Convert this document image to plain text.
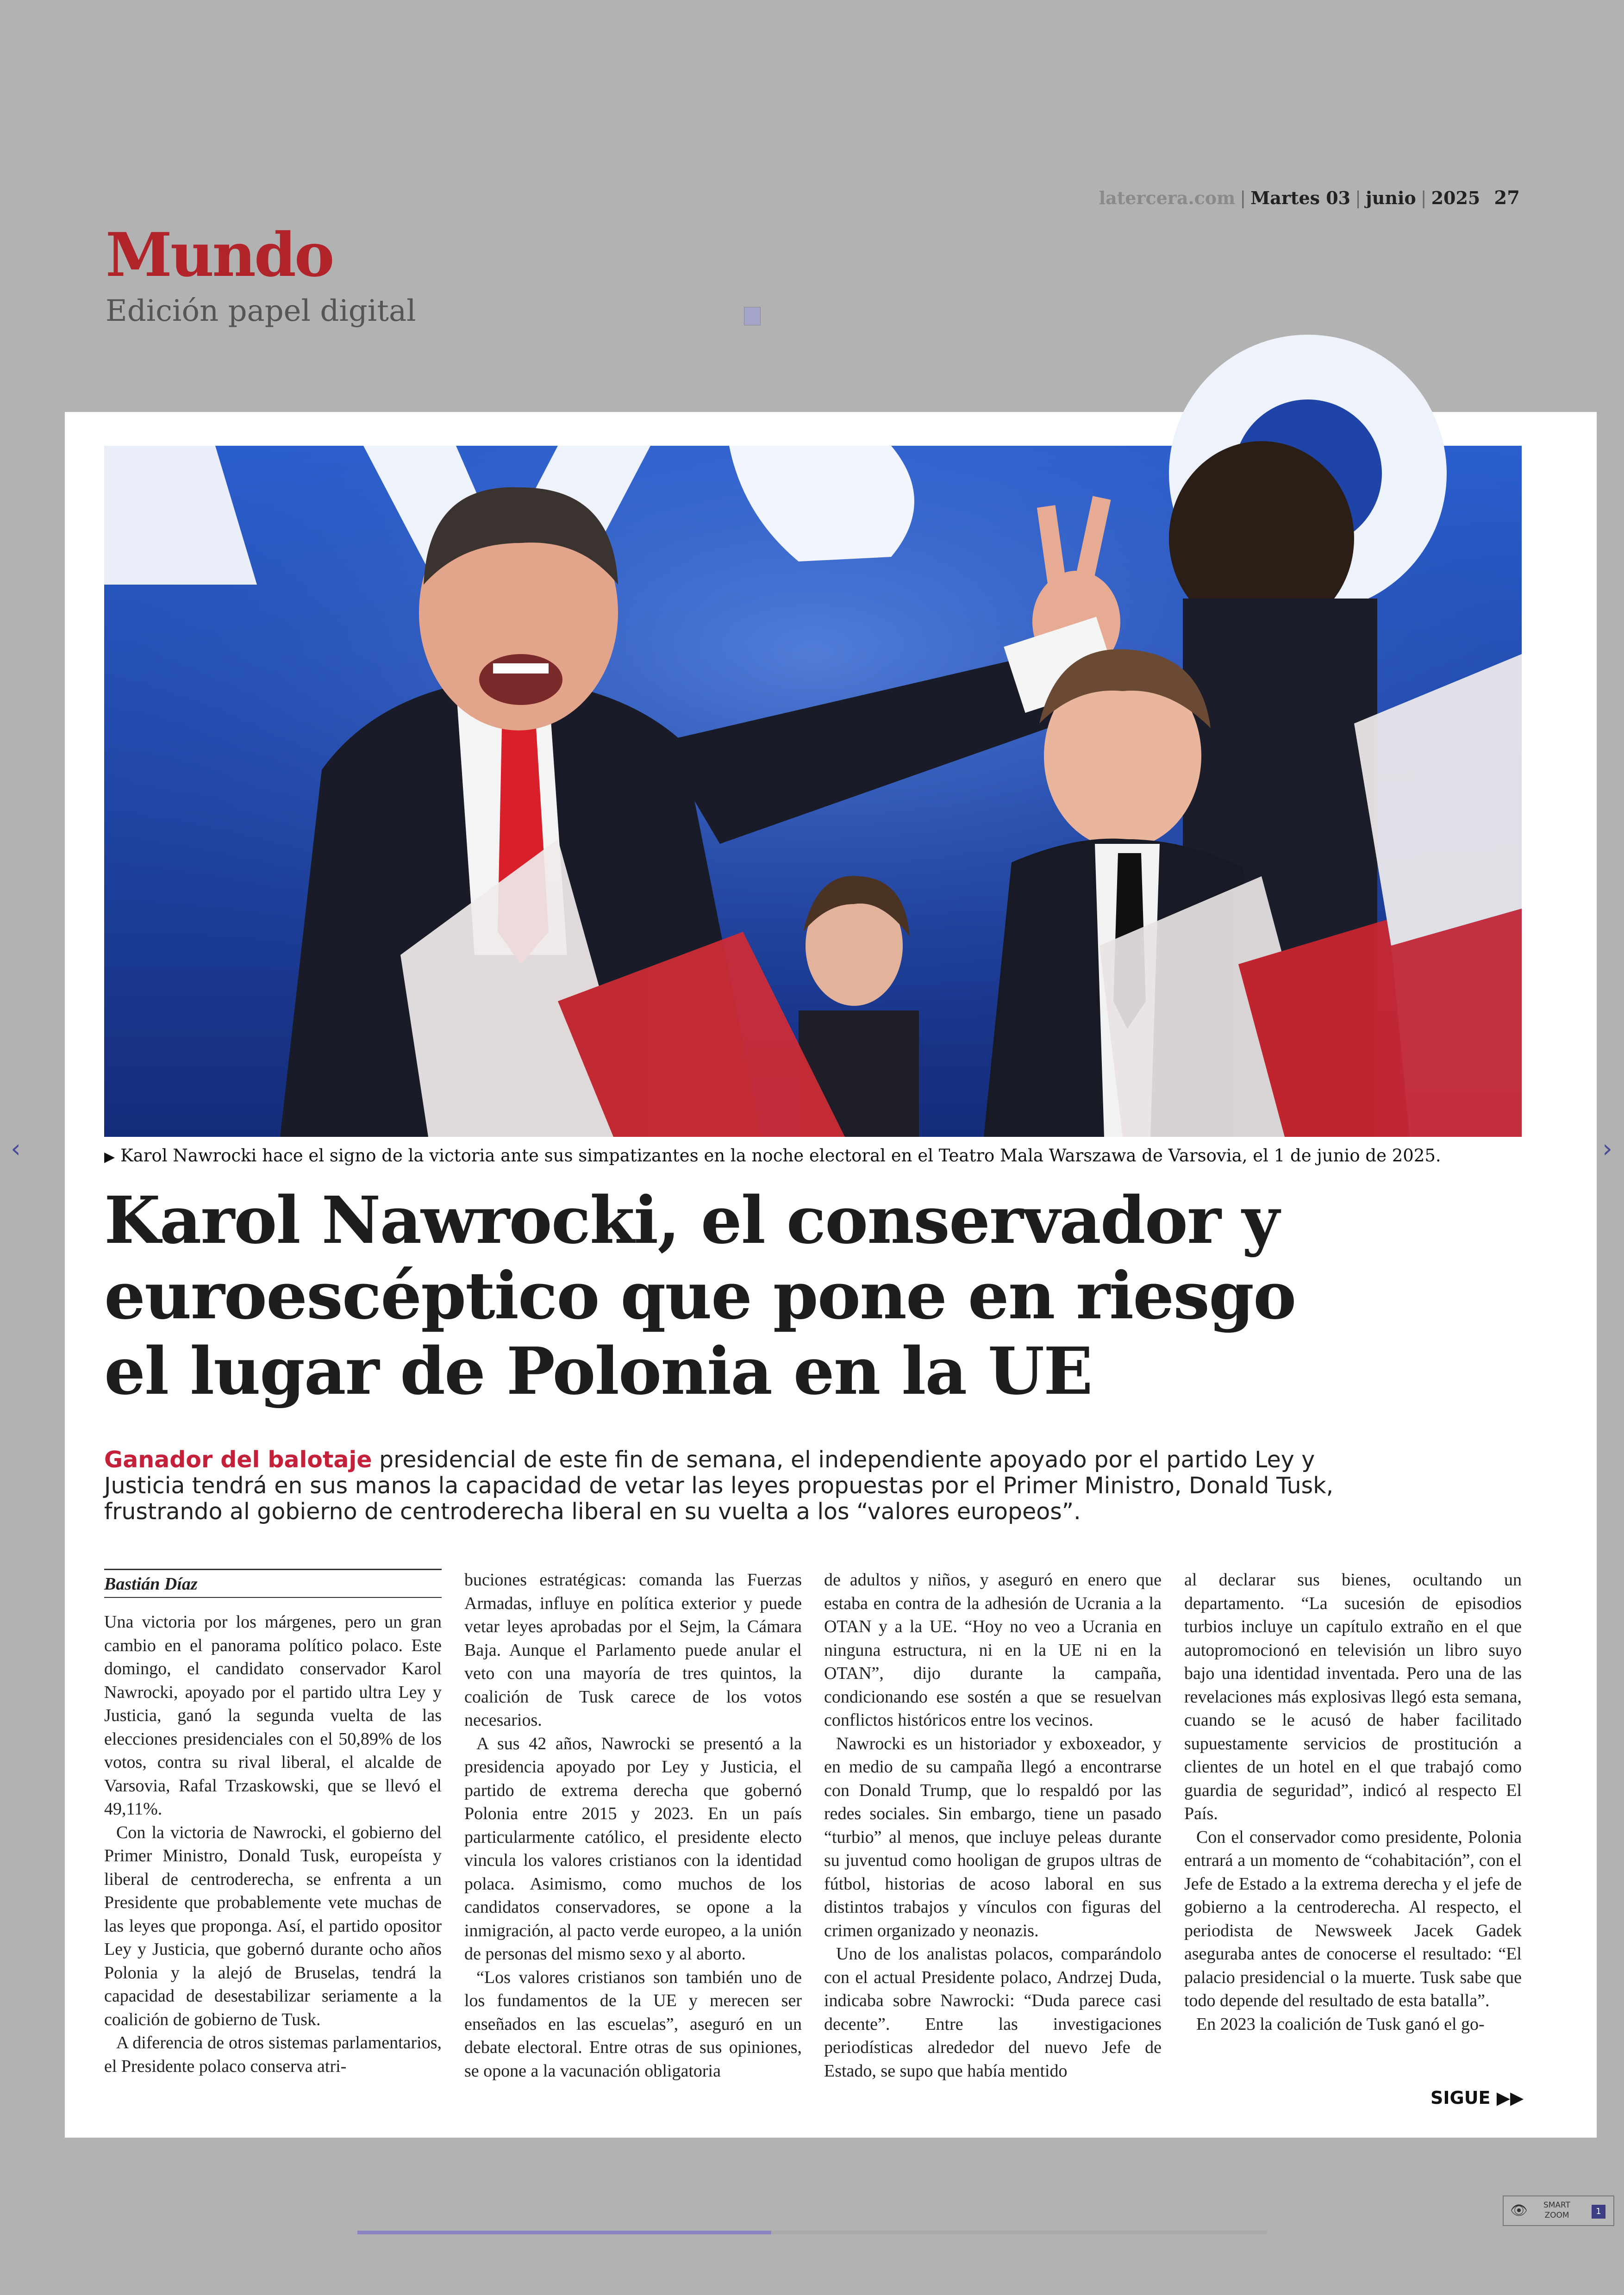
latercera.com | Martes 03 | junio | 2025 27
Mundo
Edición papel digital
▶ Karol Nawrocki hace el signo de la victoria ante sus simpatizantes en la noche electoral en el Teatro Mala Warszawa de Varsovia, el 1 de junio de 2025.
Karol Nawrocki, el conservador y euroescéptico que pone en riesgo el lugar de Polonia en la UE
Ganador del balotaje presidencial de este fin de semana, el independiente apoyado por el partido Ley y Justicia tendrá en sus manos la capacidad de vetar las leyes propuestas por el Primer Ministro, Donald Tusk, frustrando al gobierno de centroderecha liberal en su vuelta a los “valores europeos”.
Bastián Díaz

Una victoria por los márgenes, pero un gran cambio en el panorama político polaco. Este domingo, el candidato conservador Karol Nawrocki, apoyado por el partido ultra Ley y Justicia, ganó la segunda vuelta de las elecciones presidenciales con el 50,89% de los votos, contra su rival liberal, el alcalde de Varsovia, Rafal Trzaskowski, que se llevó el 49,11%.

Con la victoria de Nawrocki, el gobierno del Primer Ministro, Donald Tusk, europeísta y liberal de centroderecha, se enfrenta a un Presidente que probablemente vete muchas de las leyes que proponga. Así, el partido opositor Ley y Justicia, que gobernó durante ocho años Polonia y la alejó de Bruselas, tendrá la capacidad de desestabilizar seriamente a la coalición de gobierno de Tusk.

A diferencia de otros sistemas parlamentarios, el Presidente polaco conserva atri-

buciones estratégicas: comanda las Fuerzas Armadas, influye en política exterior y puede vetar leyes aprobadas por el Sejm, la Cámara Baja. Aunque el Parlamento puede anular el veto con una mayoría de tres quintos, la coalición de Tusk carece de los votos necesarios.

A sus 42 años, Nawrocki se presentó a la presidencia apoyado por Ley y Justicia, el partido de extrema derecha que gobernó Polonia entre 2015 y 2023. En un país particularmente católico, el presidente electo vincula los valores cristianos con la identidad polaca. Asimismo, como muchos de los candidatos conservadores, se opone a la inmigración, al pacto verde europeo, a la unión de personas del mismo sexo y al aborto.

“Los valores cristianos son también uno de los fundamentos de la UE y merecen ser enseñados en las escuelas”, aseguró en un debate electoral. Entre otras de sus opiniones, se opone a la vacunación obligatoria

de adultos y niños, y aseguró en enero que estaba en contra de la adhesión de Ucrania a la OTAN y a la UE. “Hoy no veo a Ucrania en ninguna estructura, ni en la UE ni en la OTAN”, dijo durante la campaña, condicionando ese sostén a que se resuelvan conflictos históricos entre los vecinos.

Nawrocki es un historiador y exboxeador, y en medio de su campaña llegó a encontrarse con Donald Trump, que lo respaldó por las redes sociales. Sin embargo, tiene un pasado “turbio” al menos, que incluye peleas durante su juventud como hooligan de grupos ultras de fútbol, historias de acoso laboral en sus distintos trabajos y vínculos con figuras del crimen organizado y neonazis.

Uno de los analistas polacos, comparándolo con el actual Presidente polaco, Andrzej Duda, indicaba sobre Nawrocki: “Duda parece casi decente”. Entre las investigaciones periodísticas alrededor del nuevo Jefe de Estado, se supo que había mentido

al declarar sus bienes, ocultando un departamento. “La sucesión de episodios turbios incluye un capítulo extraño en el que autopromocionó en televisión un libro suyo bajo una identidad inventada. Pero una de las revelaciones más explosivas llegó esta semana, cuando se le acusó de haber facilitado supuestamente servicios de prostitución a clientes de un hotel en el que trabajó como guardia de seguridad”, indicó al respecto El País.

Con el conservador como presidente, Polonia entrará a un momento de “cohabitación”, con el Jefe de Estado a la extrema derecha y el jefe de gobierno a la centroderecha. Al respecto, el periodista de Newsweek Jacek Gadek aseguraba antes de conocerse el resultado: “El palacio presidencial o la muerte. Tusk sabe que todo depende del resultado de esta batalla”.

En 2023 la coalición de Tusk ganó el go-

SIGUE ▶▶
‹	›
👁	SMART
ZOOM	1
